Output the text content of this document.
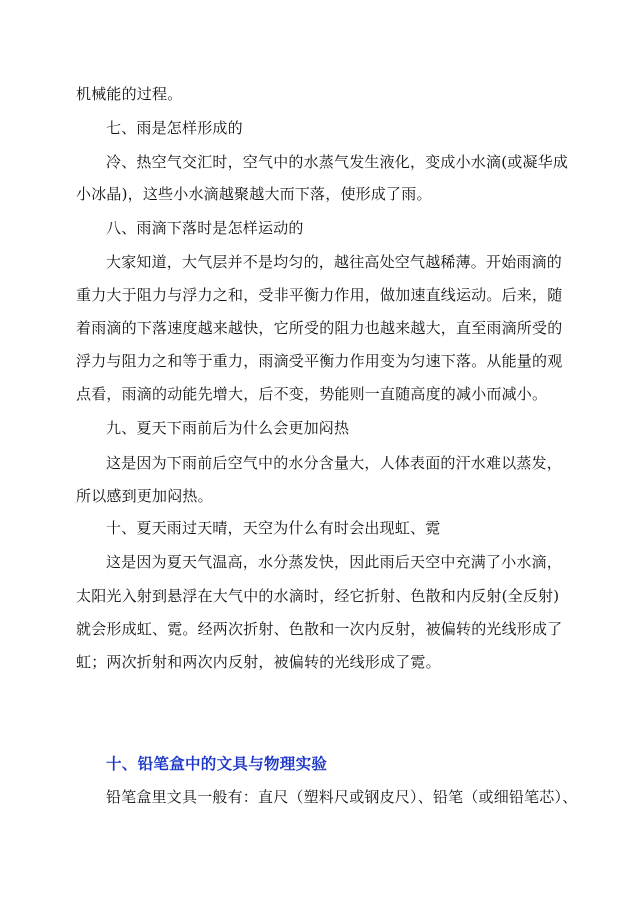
机械能的过程。
七、雨是怎样形成的
冷、热空气交汇时，空气中的水蒸气发生液化，变成小水滴(或凝华成
小冰晶)，这些小水滴越聚越大而下落，使形成了雨。
八、雨滴下落时是怎样运动的
大家知道，大气层并不是均匀的，越往高处空气越稀薄。开始雨滴的
重力大于阻力与浮力之和，受非平衡力作用，做加速直线运动。后来，随
着雨滴的下落速度越来越快，它所受的阻力也越来越大，直至雨滴所受的
浮力与阻力之和等于重力，雨滴受平衡力作用变为匀速下落。从能量的观
点看，雨滴的动能先增大，后不变，势能则一直随高度的减小而减小。
九、夏天下雨前后为什么会更加闷热
这是因为下雨前后空气中的水分含量大，人体表面的汗水难以蒸发，
所以感到更加闷热。
十、夏天雨过天晴，天空为什么有时会出现虹、霓
这是因为夏天气温高，水分蒸发快，因此雨后天空中充满了小水滴，
太阳光入射到悬浮在大气中的水滴时，经它折射、色散和内反射(全反射)
就会形成虹、霓。经两次折射、色散和一次内反射，被偏转的光线形成了
虹；两次折射和两次内反射，被偏转的光线形成了霓。
十、铅笔盒中的文具与物理实验
铅笔盒里文具一般有：直尺（塑料尺或钢皮尺）、铅笔（或细铅笔芯）、
